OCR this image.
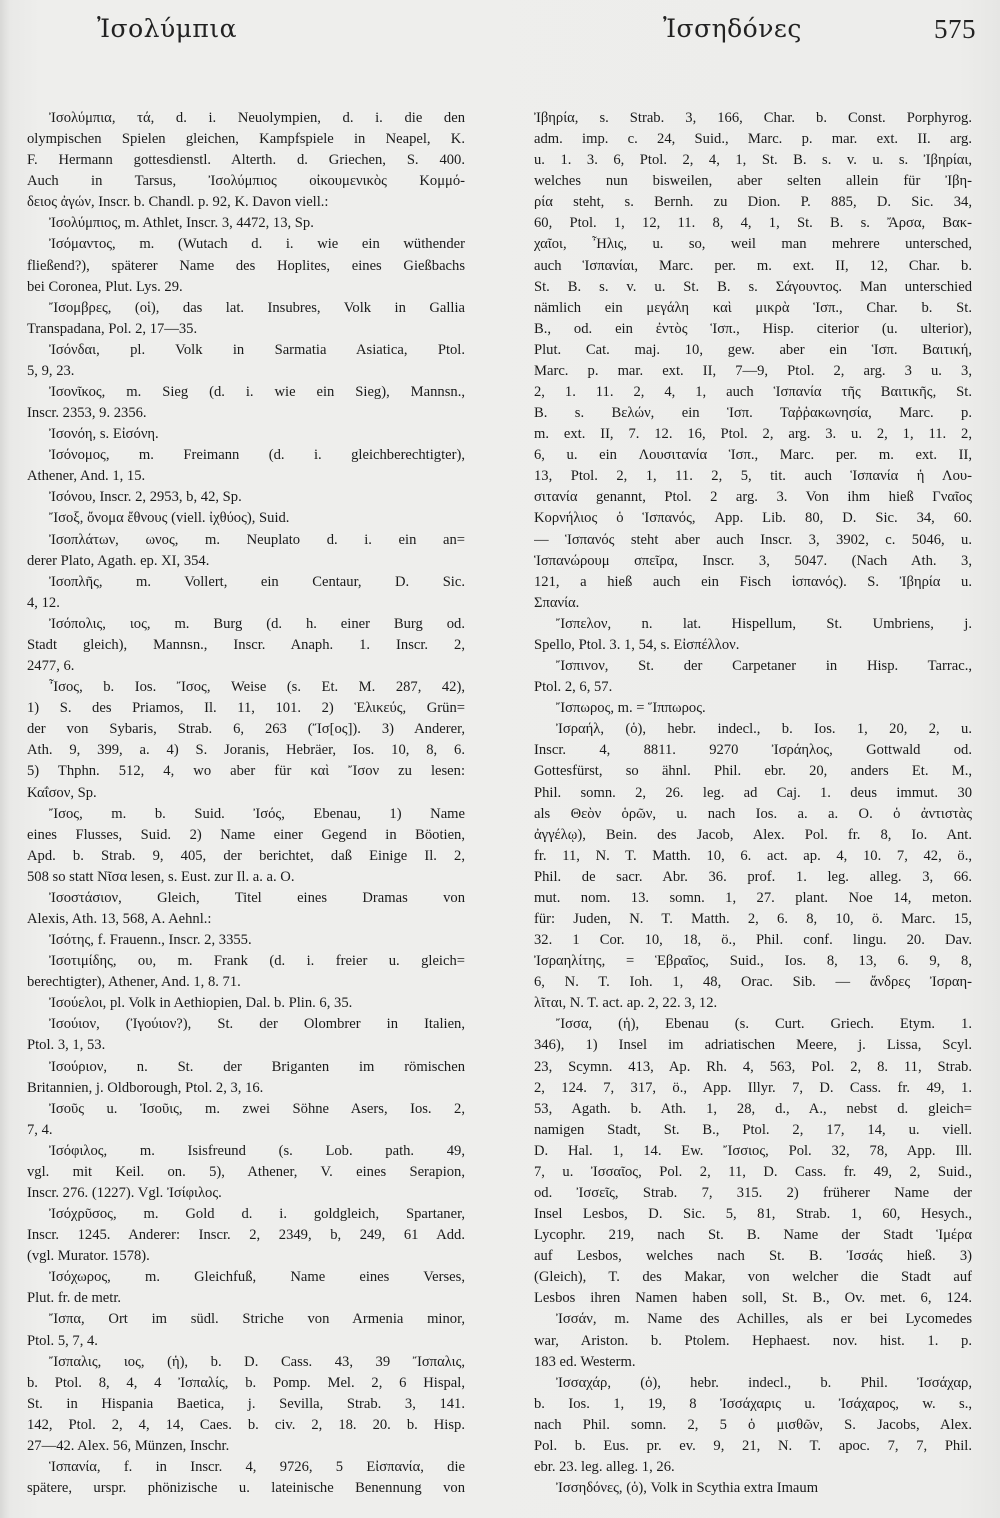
Ἰσολύμπια	Ἰσσηδόνες	575
Ἰσολύμπια, τά, d. i. Neuolympien, d. i. die den
olympischen Spielen gleichen, Kampfspiele in Neapel, K.
F. Hermann gottesdienstl. Alterth. d. Griechen, S. 400.
Auch in Tarsus, Ἰσολύμπιος οἰκουμενικὸς Κομμό-
δειος ἀγών, Inscr. b. Chandl. p. 92, K. Davon viell.:
Ἰσολύμπιος, m. Athlet, Inscr. 3, 4472, 13, Sp.
Ἰσόμαντος, m. (Wutach d. i. wie ein wüthender
fließend?), späterer Name des Hoplites, eines Gießbachs
bei Coronea, Plut. Lys. 29.
Ἴσομβρες, (οἱ), das lat. Insubres, Volk in Gallia
Transpadana, Pol. 2, 17—35.
Ἰσόνδαι, pl. Volk in Sarmatia Asiatica, Ptol.
5, 9, 23.
Ἰσονῖκος, m. Sieg (d. i. wie ein Sieg), Mannsn.,
Inscr. 2353, 9. 2356.
Ἰσονόη, s. Εἰσόνη.
Ἰσόνομος, m. Freimann (d. i. gleichberechtigter),
Athener, And. 1, 15.
Ἰσόνου, Inscr. 2, 2953, b, 42, Sp.
Ἴσοξ, ὄνομα ἔθνους (viell. ἰχθύος), Suid.
Ἰσοπλάτων, ωνος, m. Neuplato d. i. ein an=
derer Plato, Agath. ep. XI, 354.
Ἰσοπλῆς, m. Vollert, ein Centaur, D. Sic.
4, 12.
Ἰσόπολις, ιος, m. Burg (d. h. einer Burg od.
Stadt gleich), Mannsn., Inscr. Anaph. 1. Inscr. 2,
2477, 6.
Ἶσος, b. Ios. Ἴσος, Weise (s. Et. M. 287, 42),
1) S. des Priamos, Il. 11, 101. 2) Ἑλικεύς, Grün=
der von Sybaris, Strab. 6, 263 (Ἴσ[ος]). 3) Anderer,
Ath. 9, 399, a. 4) S. Joranis, Hebräer, Ios. 10, 8, 6.
5) Thphn. 512, 4, wo aber für καὶ Ἴσον zu lesen:
Καΐσον, Sp.
Ἴσος, m. b. Suid. Ἰσός, Ebenau, 1) Name
eines Flusses, Suid. 2) Name einer Gegend in Böotien,
Apd. b. Strab. 9, 405, der berichtet, daß Einige Il. 2,
508 so statt Νῖσα lesen, s. Eust. zur Il. a. a. O.
Ἰσοστάσιον, Gleich, Titel eines Dramas von
Alexis, Ath. 13, 568, A. Aehnl.:
Ἰσότης, f. Frauenn., Inscr. 2, 3355.
Ἰσοτιμίδης, ου, m. Frank (d. i. freier u. gleich=
berechtigter), Athener, And. 1, 8. 71.
Ἰσούελοι, pl. Volk in Aethiopien, Dal. b. Plin. 6, 35.
Ἰσούιον, (Ἰγούιον?), St. der Olombrer in Italien,
Ptol. 3, 1, 53.
Ἰσούριον, n. St. der Briganten im römischen
Britannien, j. Oldborough, Ptol. 2, 3, 16.
Ἰσοῦς u. Ἰσοῦις, m. zwei Söhne Asers, Ios. 2,
7, 4.
Ἰσόφιλος, m. Isisfreund (s. Lob. path. 49,
vgl. mit Keil. on. 5), Athener, V. eines Serapion,
Inscr. 276. (1227). Vgl. Ἰσίφιλος.
Ἰσόχρῦσος, m. Gold d. i. goldgleich, Spartaner,
Inscr. 1245. Anderer: Inscr. 2, 2349, b, 249, 61 Add.
(vgl. Murator. 1578).
Ἰσόχωρος, m. Gleichfuß, Name eines Verses,
Plut. fr. de metr.
Ἴσπα, Ort im südl. Striche von Armenia minor,
Ptol. 5, 7, 4.
Ἴσπαλις, ιος, (ἡ), b. D. Cass. 43, 39 Ἴσπαλις,
b. Ptol. 8, 4, 4 Ἰσπαλίς, b. Pomp. Mel. 2, 6 Hispal,
St. in Hispania Baetica, j. Sevilla, Strab. 3, 141.
142, Ptol. 2, 4, 14, Caes. b. civ. 2, 18. 20. b. Hisp.
27—42. Alex. 56, Münzen, Inschr.
Ἱσπανία, f. in Inscr. 4, 9726, 5 Εἰσπανία, die
spätere, urspr. phönizische u. lateinische Benennung von
Ἰβηρία, s. Strab. 3, 166, Char. b. Const. Porphyrog.
adm. imp. c. 24, Suid., Marc. p. mar. ext. II. arg.
u. 1. 3. 6, Ptol. 2, 4, 1, St. B. s. v. u. s. Ἰβηρίαι,
welches nun bisweilen, aber selten allein für Ἰβη-
ρία steht, s. Bernh. zu Dion. P. 885, D. Sic. 34,
60, Ptol. 1, 12, 11. 8, 4, 1, St. B. s. Ἄρσα, Βακ-
χαῖοι, Ἦλις, u. so, weil man mehrere untersched,
auch Ἱσπανίαι, Marc. per. m. ext. II, 12, Char. b.
St. B. s. v. u. St. B. s. Σάγουντος. Man unterschied
nämlich ein μεγάλη καὶ μικρὰ Ἱσπ., Char. b. St.
B., od. ein ἐντὸς Ἱσπ., Hisp. citerior (u. ulterior),
Plut. Cat. maj. 10, gew. aber ein Ἱσπ. Βαιτική,
Marc. p. mar. ext. II, 7—9, Ptol. 2, arg. 3 u. 3,
2, 1. 11. 2, 4, 1, auch Ἱσπανία τῆς Βαιτικῆς, St.
B. s. Βελών, ein Ἱσπ. Ταῤῥακωνησία, Marc. p.
m. ext. II, 7. 12. 16, Ptol. 2, arg. 3. u. 2, 1, 11. 2,
6, u. ein Λουσιτανία Ἱσπ., Marc. per. m. ext. II,
13, Ptol. 2, 1, 11. 2, 5, tit. auch Ἱσπανία ἡ Λου-
σιτανία genannt, Ptol. 2 arg. 3. Von ihm hieß Γναῖος
Κορνήλιος ὁ Ἱσπανός, App. Lib. 80, D. Sic. 34, 60.
— Ἱσπανός steht aber auch Inscr. 3, 3902, c. 5046, u.
Ἱσπανώρουμ σπεῖρα, Inscr. 3, 5047. (Nach Ath. 3,
121, a hieß auch ein Fisch ἱσπανός). S. Ἰβηρία u.
Σπανία.
Ἴσπελον, n. lat. Hispellum, St. Umbriens, j.
Spello, Ptol. 3. 1, 54, s. Εἰσπέλλον.
Ἴσπινον, St. der Carpetaner in Hisp. Tarrac.,
Ptol. 2, 6, 57.
Ἴσπωρος, m. = Ἵππωρος.
Ἰσραήλ, (ὁ), hebr. indecl., b. Ios. 1, 20, 2, u.
Inscr. 4, 8811. 9270 Ἰσράηλος, Gottwald od.
Gottesfürst, so ähnl. Phil. ebr. 20, anders Et. M.,
Phil. somn. 2, 26. leg. ad Caj. 1. deus immut. 30
als Θεὸν ὁρῶν, u. nach Ios. a. a. O. ὁ ἀντιστὰς
ἀγγέλῳ), Bein. des Jacob, Alex. Pol. fr. 8, Io. Ant.
fr. 11, N. T. Matth. 10, 6. act. ap. 4, 10. 7, 42, ö.,
Phil. de sacr. Abr. 36. prof. 1. leg. alleg. 3, 66.
mut. nom. 13. somn. 1, 27. plant. Noe 14, meton.
für: Juden, N. T. Matth. 2, 6. 8, 10, ö. Marc. 15,
32. 1 Cor. 10, 18, ö., Phil. conf. lingu. 20. Dav.
Ἰσραηλίτης, = Ἑβραῖος, Suid., Ios. 8, 13, 6. 9, 8,
6, N. T. Ioh. 1, 48, Orac. Sib. — ἄνδρες Ἰσραη-
λῖται, N. T. act. ap. 2, 22. 3, 12.
Ἴσσα, (ἡ), Ebenau (s. Curt. Griech. Etym. 1.
346), 1) Insel im adriatischen Meere, j. Lissa, Scyl.
23, Scymn. 413, Ap. Rh. 4, 563, Pol. 2, 8. 11, Strab.
2, 124. 7, 317, ö., App. Illyr. 7, D. Cass. fr. 49, 1.
53, Agath. b. Ath. 1, 28, d., A., nebst d. gleich=
namigen Stadt, St. B., Ptol. 2, 17, 14, u. viell.
D. Hal. 1, 14. Ew. Ἴσσιος, Pol. 32, 78, App. Ill.
7, u. Ἰσσαῖος, Pol. 2, 11, D. Cass. fr. 49, 2, Suid.,
od. Ἰσσεῖς, Strab. 7, 315. 2) früherer Name der
Insel Lesbos, D. Sic. 5, 81, Strab. 1, 60, Hesych.,
Lycophr. 219, nach St. B. Name der Stadt Ἱμέρα
auf Lesbos, welches nach St. B. Ἰσσάς hieß. 3)
(Gleich), T. des Makar, von welcher die Stadt auf
Lesbos ihren Namen haben soll, St. B., Ov. met. 6, 124.
Ἰσσάν, m. Name des Achilles, als er bei Lycomedes
war, Ariston. b. Ptolem. Hephaest. nov. hist. 1. p.
183 ed. Westerm.
Ἰσσαχάρ, (ὁ), hebr. indecl., b. Phil. Ἰσσάχαρ,
b. Ios. 1, 19, 8 Ἰσσάχαρις u. Ἰσάχαρος, w. s.,
nach Phil. somn. 2, 5 ὁ μισθῶν, S. Jacobs, Alex.
Pol. b. Eus. pr. ev. 9, 21, N. T. apoc. 7, 7, Phil.
ebr. 23. leg. alleg. 1, 26.
Ἰσσηδόνες, (ὁ), Volk in Scythia extra Imaum
